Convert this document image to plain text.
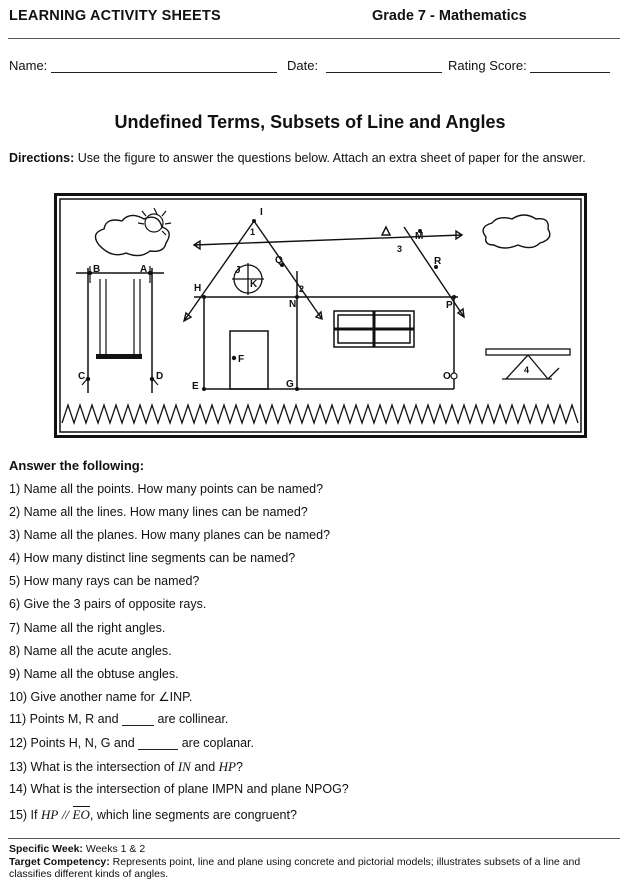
LEARNING ACTIVITY SHEETS	Grade 7 - Mathematics
Name:	Date:	Rating Score:
Undefined Terms, Subsets of Line and Angles
Directions: Use the figure to answer the questions below. Attach an extra sheet of paper for the answer.
A
B
C	D
E
F
G
H
I
J
K
M
N
O
P
Q	R
1
2
3
4
Answer the following:
1) Name all the points. How many points can be named?
2) Name all the lines. How many lines can be named?
3) Name all the planes. How many planes can be named?
4) How many distinct line segments can be named?
5) How many rays can be named?
6) Give the 3 pairs of opposite rays.
7) Name all the right angles.
8) Name all the acute angles.
9) Name all the obtuse angles.
10) Give another name for ∠INP.
11) Points M, R and	are collinear.
12) Points H, N, G and	are coplanar.
13) What is the intersection of IN and HP?
14) What is the intersection of plane IMPN and plane NPOG?
15) If HP // EO, which line segments are congruent?
Specific Week: Weeks 1 & 2
Target Competency: Represents point, line and plane using concrete and pictorial models; illustrates subsets of a line and classifies different kinds of angles.
